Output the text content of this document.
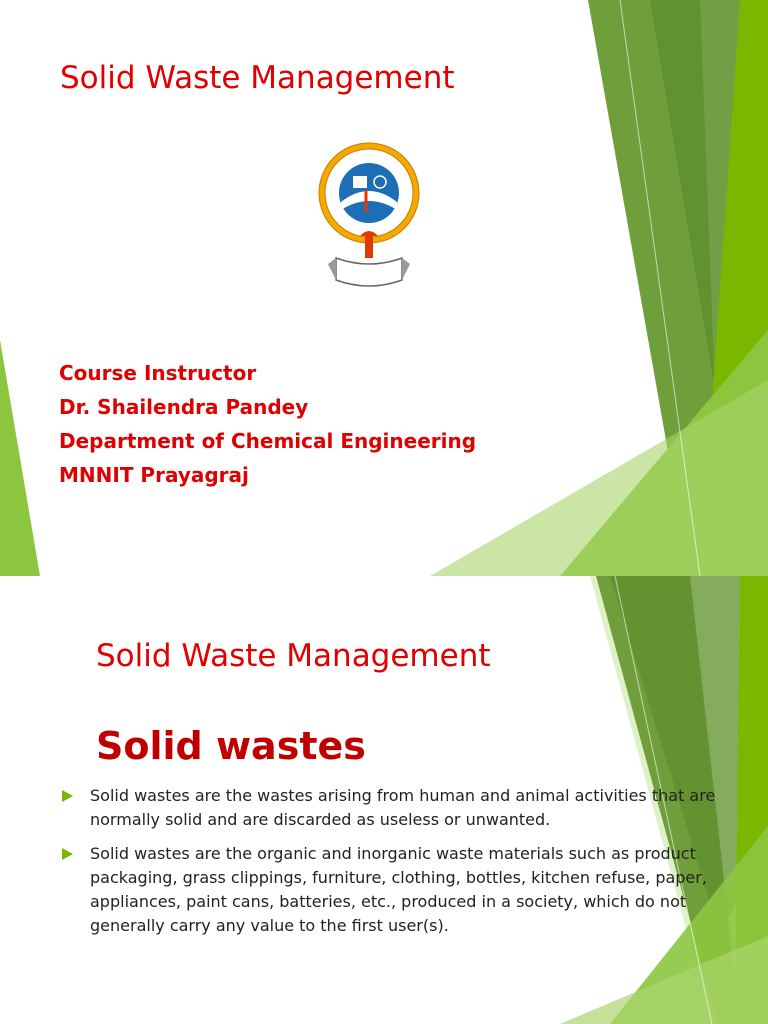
Solid Waste Management
Course Instructor
Dr. Shailendra Pandey
Department of Chemical Engineering
MNNIT Prayagraj
Solid Waste Management
Solid wastes
Solid wastes are the wastes arising from human and animal activities that are normally solid and are discarded as useless or unwanted.
Solid wastes are the organic and inorganic waste materials such as product packaging, grass clippings, furniture, clothing, bottles, kitchen refuse, paper, appliances, paint cans, batteries, etc., produced in a society, which do not generally carry any value to the first user(s).
